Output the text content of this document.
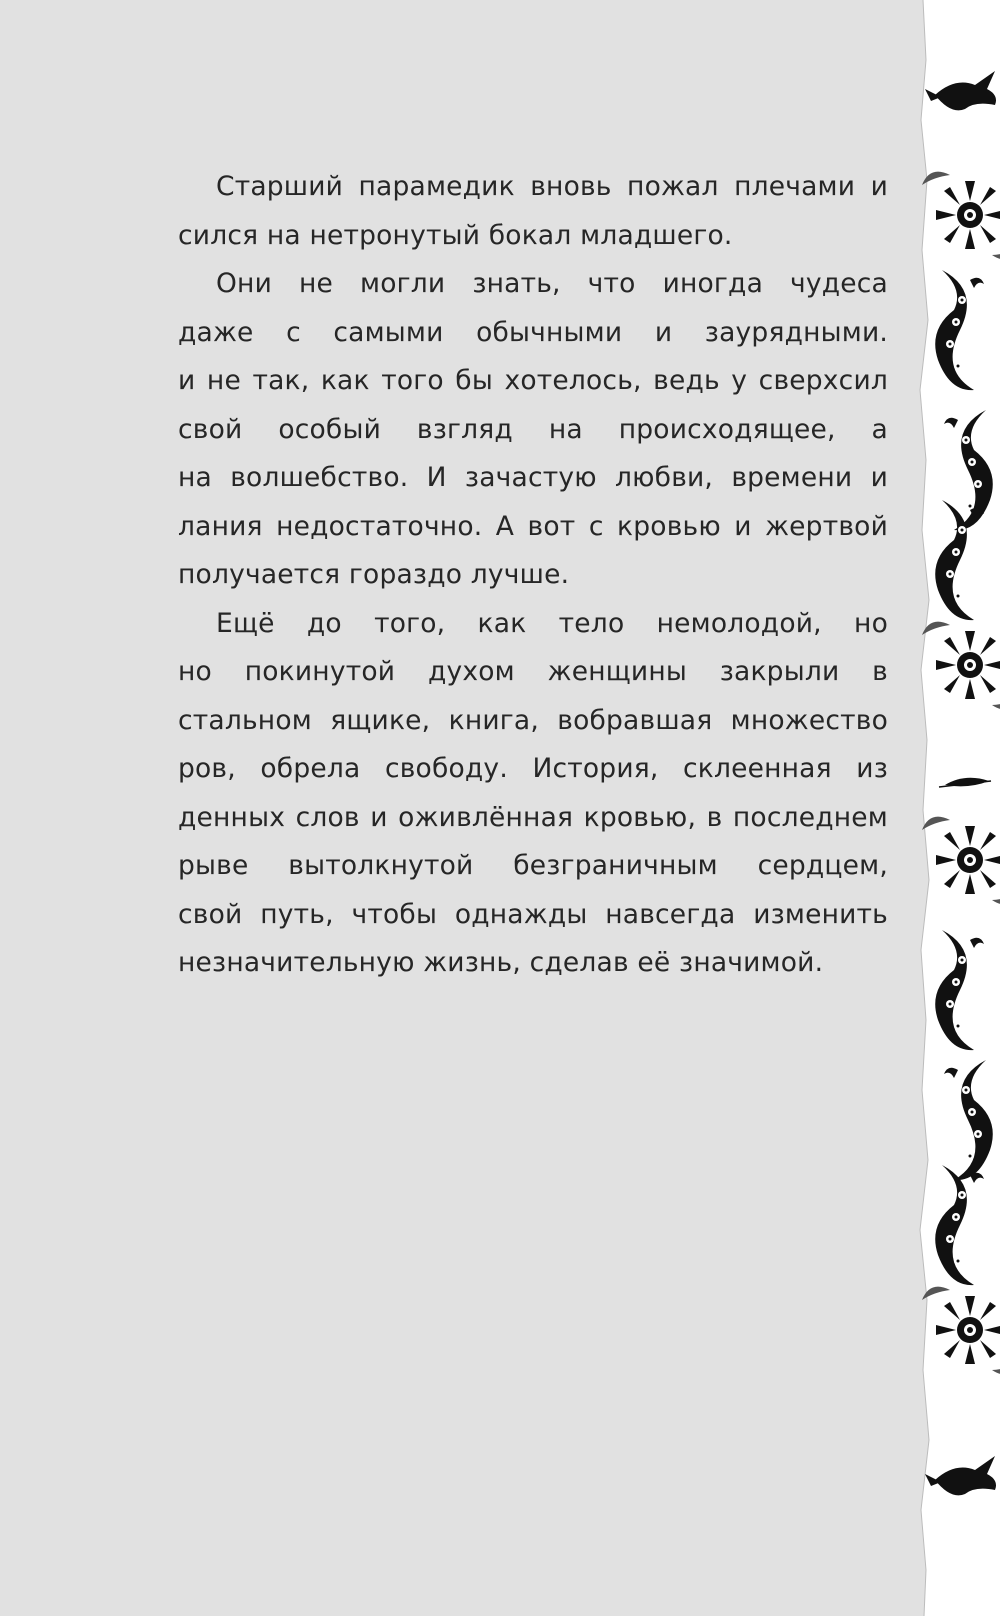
Старший парамедик вновь пожал плечами и
сился на нетронутый бокал младшего.
Они не могли знать, что иногда чудеса
даже с самыми обычными и заурядными.
и не так, как того бы хотелось, ведь у сверхсил
свой особый взгляд на происходящее, а
на волшебство. И зачастую любви, времени и
лания недостаточно. А вот с кровью и жертвой
получается гораздо лучше.
Ещё до того, как тело немолодой, но
но покинутой духом женщины закрыли в
стальном ящике, книга, вобравшая множество
ров, обрела свободу. История, склеенная из
денных слов и оживлённая кровью, в последнем
рыве вытолкнутой безграничным сердцем,
свой путь, чтобы однажды навсегда изменить
незначительную жизнь, сделав её значимой.
